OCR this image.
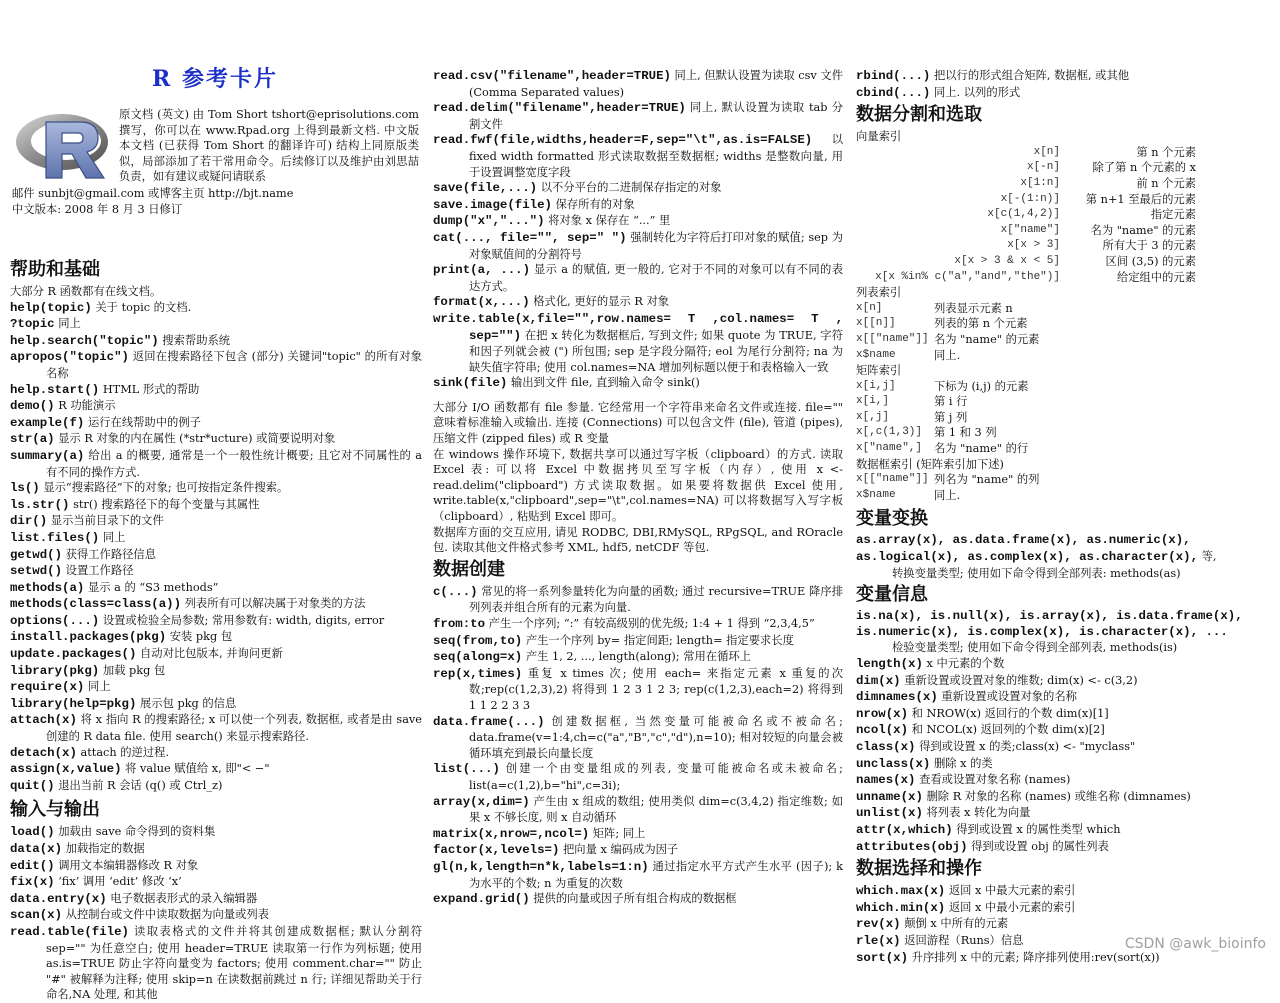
R 参考卡片
原文档 (英文) 由 Tom Short tshort@eprisolutions.com 撰写，你可以在 www.Rpad.org 上得到最新文档. 中文版本文档 (已获得 Tom Short 的翻译许可) 结构上同原版类似，局部添加了若干常用命令。后续修订以及维护由刘思喆负责，如有建议或疑问请联系
邮件 sunbjt@gmail.com 或博客主页 http://bjt.name
中文版本: 2008 年 8 月 3 日修订
帮助和基础
大部分 R 函数都有在线文档。
help(topic) 关于 topic 的文档.
?topic 同上
help.search("topic") 搜索帮助系统
apropos("topic") 返回在搜索路径下包含 (部分) 关键词"topic" 的所有对象名称
help.start() HTML 形式的帮助
demo() R 功能演示
example(f) 运行在线帮助中的例子
str(a) 显示 R 对象的内在属性 (*str*ucture) 或简要说明对象
summary(a) 给出 a 的概要, 通常是一个一般性统计概要; 且它对不同属性的 a 有不同的操作方式.
ls() 显示“搜索路径”下的对象; 也可按指定条件搜索。
ls.str() str() 搜索路径下的每个变量与其属性
dir() 显示当前目录下的文件
list.files() 同上
getwd() 获得工作路径信息
setwd() 设置工作路径
methods(a) 显示 a 的 “S3 methods”
methods(class=class(a)) 列表所有可以解决属于对象类的方法
options(...) 设置或检验全局参数; 常用参数有: width, digits, error
install.packages(pkg) 安装 pkg 包
update.packages() 自动对比包版本, 并询问更新
library(pkg) 加载 pkg 包
require(x) 同上
library(help=pkg) 展示包 pkg 的信息
attach(x) 将 x 指向 R 的搜索路径; x 可以使一个列表, 数据框, 或者是由 save 创建的 R data file. 使用 search() 来显示搜索路径.
detach(x) attach 的逆过程.
assign(x,value) 将 value 赋值给 x, 即"< −"
quit() 退出当前 R 会话 (q() 或 Ctrl_z)
输入与输出
load() 加载由 save 命令得到的资料集
data(x) 加载指定的数据
edit() 调用文本编辑器修改 R 对象
fix(x) ‘fix’ 调用 ‘edit’ 修改 ‘x’
data.entry(x) 电子数据表形式的录入编辑器
scan(x) 从控制台或文件中读取数据为向量或列表
read.table(file) 读取表格式的文件并将其创建成数据框; 默认分割符 sep="" 为任意空白; 使用 header=TRUE 读取第一行作为列标题; 使用 as.is=TRUE 防止字符向量变为 factors; 使用 comment.char="" 防止 "#" 被解释为注释; 使用 skip=n 在读数据前跳过 n 行; 详细见帮助关于行命名,NA 处理, 和其他
read.csv("filename",header=TRUE) 同上, 但默认设置为读取 csv 文件 (Comma Separated values)
read.delim("filename",header=TRUE) 同上, 默认设置为读取 tab 分割文件
read.fwf(file,widths,header=F,sep="\t",as.is=FALSE) 以 fixed width formatted 形式读取数据至数据框; widths 是整数向量, 用于设置调整宽度字段
save(file,...) 以不分平台的二进制保存指定的对象
save.image(file) 保存所有的对象
dump("x","...") 将对象 x 保存在 “...” 里
cat(..., file="", sep=" ") 强制转化为字符后打印对象的赋值; sep 为对象赋值间的分割符号
print(a, ...) 显示 a 的赋值, 更一般的, 它对于不同的对象可以有不同的表达方式。
format(x,...) 格式化, 更好的显示 R 对象
write.table(x,file="",row.names= T ,col.names= T , sep="") 在把 x 转化为数据框后, 写到文件; 如果 quote 为 TRUE, 字符和因子列就会被 (") 所包围; sep 是字段分隔符; eol 为尾行分割符; na 为缺失值字符串; 使用 col.names=NA 增加列标题以便于和表格输入一致
sink(file) 输出到文件 file, 直到输入命令 sink()
大部分 I/O 函数都有 file 参量. 它经常用一个字符串来命名文件或连接. file="" 意味着标准输入或输出. 连接 (Connections) 可以包含文件 (file), 管道 (pipes), 压缩文件 (zipped files) 或 R 变量
在 windows 操作环境下, 数据共享可以通过写字板（clipboard）的方式. 读取 Excel 表: 可以将 Excel 中数据拷贝至写字板（内存）, 使用 x <- read.delim("clipboard") 方式读取数据。如果要将数据供 Excel 使用, write.table(x,"clipboard",sep="\t",col.names=NA) 可以将数据写入写字板（clipboard）, 粘贴到 Excel 即可。
数据库方面的交互应用, 请见 RODBC, DBI,RMySQL, RPgSQL, and ROracle 包. 读取其他文件格式参考 XML, hdf5, netCDF 等包.
数据创建
c(...) 常见的将一系列参量转化为向量的函数; 通过 recursive=TRUE 降序排列列表并组合所有的元素为向量.
from:to 产生一个序列; “:” 有较高级别的优先级; 1:4 + 1 得到 “2,3,4,5”
seq(from,to) 产生一个序列 by= 指定间距; length= 指定要求长度
seq(along=x) 产生 1, 2, ..., length(along); 常用在循环上
rep(x,times) 重复 x times 次; 使用 each= 来指定元素 x 重复的次数;rep(c(1,2,3),2) 将得到 1 2 3 1 2 3; rep(c(1,2,3),each=2) 将得到 1 1 2 2 3 3
data.frame(...) 创建数据框, 当然变量可能被命名或不被命名; data.frame(v=1:4,ch=c("a","B","c","d"),n=10); 相对较短的向量会被循环填充到最长向量长度
list(...) 创建一个由变量组成的列表, 变量可能被命名或未被命名; list(a=c(1,2),b="hi",c=3i);
array(x,dim=) 产生由 x 组成的数组; 使用类似 dim=c(3,4,2) 指定维数; 如果 x 不够长度, 则 x 自动循环
matrix(x,nrow=,ncol=) 矩阵; 同上
factor(x,levels=) 把向量 x 编码成为因子
gl(n,k,length=n*k,labels=1:n) 通过指定水平方式产生水平 (因子); k 为水平的个数; n 为重复的次数
expand.grid() 提供的向量或因子所有组合构成的数据框
rbind(...) 把以行的形式组合矩阵, 数据框, 或其他
cbind(...) 同上. 以列的形式
数据分割和选取
向量索引
x[n]	第 n 个元素
x[-n]	除了第 n 个元素的 x
x[1:n]	前 n 个元素
x[-(1:n)]	第 n+1 至最后的元素
x[c(1,4,2)]	指定元素
x["name"]	名为 "name" 的元素
x[x > 3]	所有大于 3 的元素
x[x > 3 & x < 5]	区间 (3,5) 的元素
x[x %in% c("a","and","the")]	给定组中的元素
列表索引
x[n]	列表显示元素 n
x[[n]]	列表的第 n 个元素
x[["name"]]	名为 "name" 的元素
x$name	同上.
矩阵索引
x[i,j]	下标为 (i,j) 的元素
x[i,]	第 i 行
x[,j]	第 j 列
x[,c(1,3)]	第 1 和 3 列
x["name",]	名为 "name" 的行
数据框索引 (矩阵索引加下述)
x[["name"]]	列名为 "name" 的列
x$name	同上.
变量变换
as.array(x), as.data.frame(x), as.numeric(x),
as.logical(x), as.complex(x), as.character(x), 等,
转换变量类型; 使用如下命令得到全部列表: methods(as)
变量信息
is.na(x), is.null(x), is.array(x), is.data.frame(x),
is.numeric(x), is.complex(x), is.character(x), ...
检验变量类型; 使用如下命令得到全部列表, methods(is)
length(x) x 中元素的个数
dim(x) 重新设置或设置对象的维数; dim(x) <- c(3,2)
dimnames(x) 重新设置或设置对象的名称
nrow(x) 和 NROW(x) 返回行的个数 dim(x)[1]
ncol(x) 和 NCOL(x) 返回列的个数 dim(x)[2]
class(x) 得到或设置 x 的类;class(x) <- "myclass"
unclass(x) 删除 x 的类
names(x) 查看或设置对象名称 (names)
unname(x) 删除 R 对象的名称 (names) 或维名称 (dimnames)
unlist(x) 将列表 x 转化为向量
attr(x,which) 得到或设置 x 的属性类型 which
attributes(obj) 得到或设置 obj 的属性列表
数据选择和操作
which.max(x) 返回 x 中最大元素的索引
which.min(x) 返回 x 中最小元素的索引
rev(x) 颠倒 x 中所有的元素
rle(x) 返回游程（Runs）信息
sort(x) 升序排列 x 中的元素; 降序排列使用:rev(sort(x))
CSDN @awk_bioinfo
